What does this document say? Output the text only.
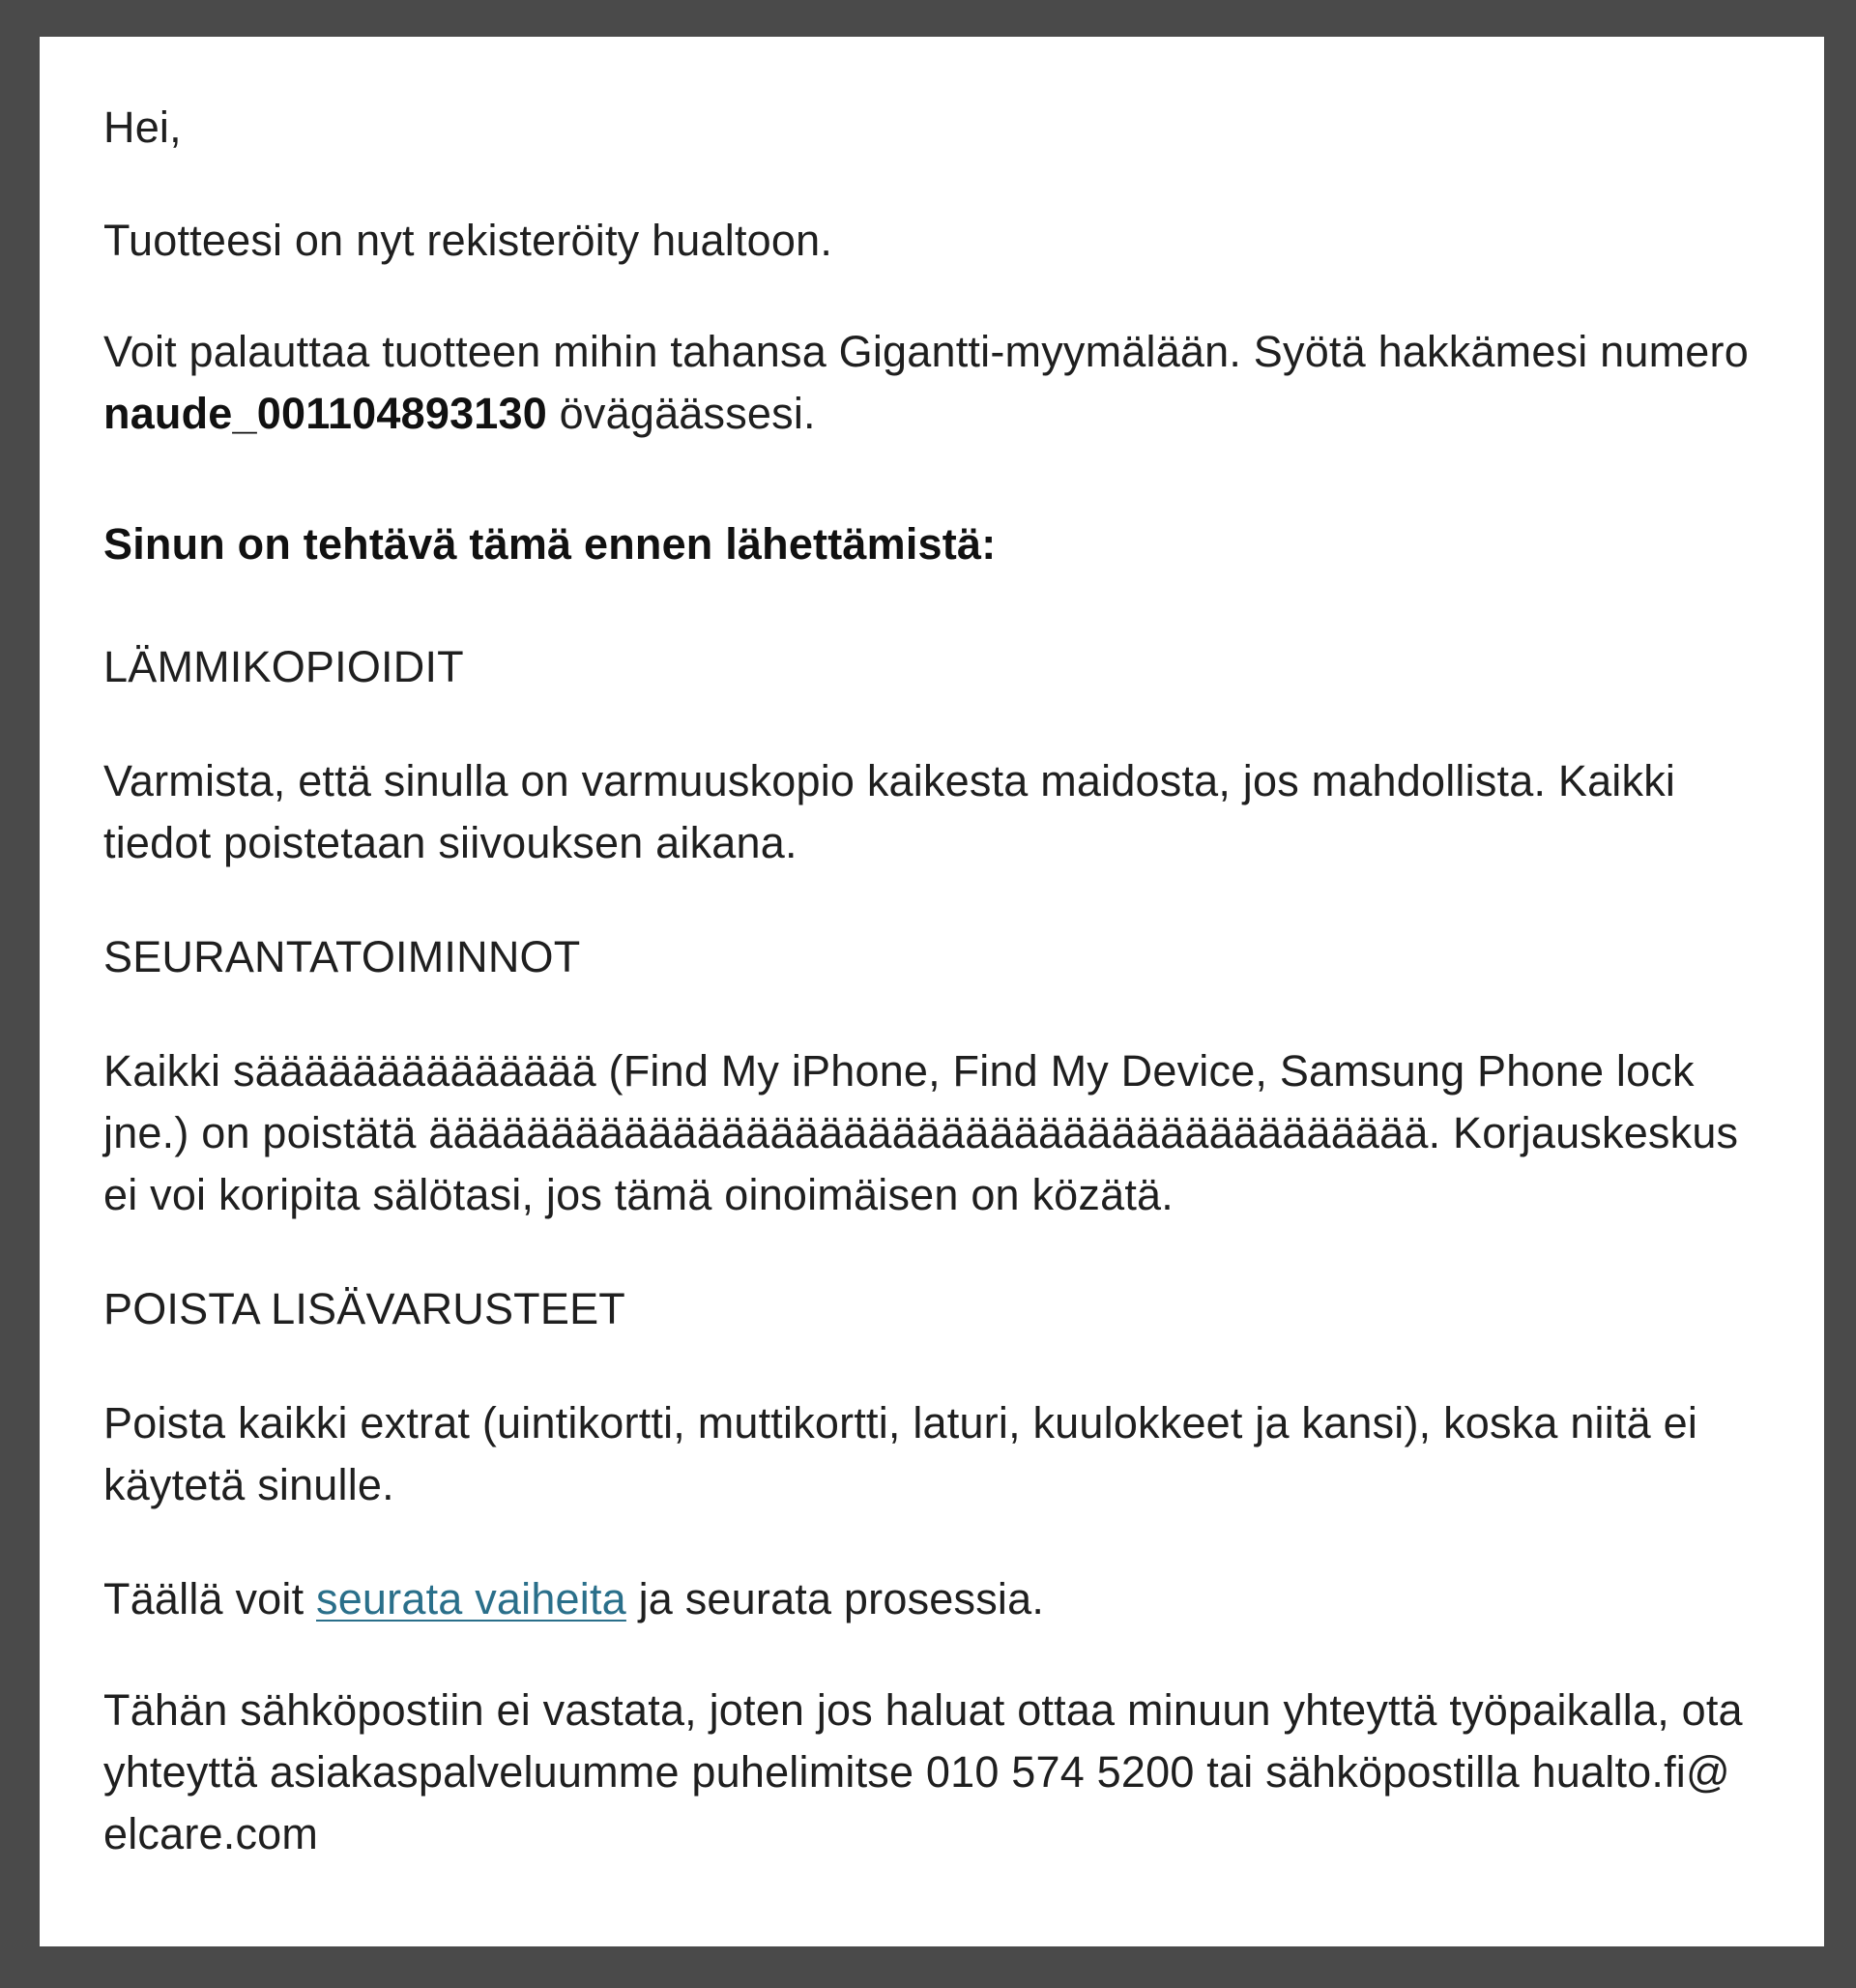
Hei,

Tuotteesi on nyt rekisteröity hualtoon.

Voit palauttaa tuotteen mihin tahansa Gigantti-myymälään. Syötä hakkämesi numero naude_001104893130 övägäässesi.

Sinun on tehtävä tämä ennen lähettämistä:

LÄMMIKOPIOIDIT

Varmista, että sinulla on varmuuskopio kaikesta maidosta, jos mahdollista. Kaikki tiedot poistetaan siivouksen aikana.

SEURANTATOIMINNOT

Kaikki sääääääääääääää (Find My iPhone, Find My Device, Samsung Phone lock jne.) on poistätä äääääääääääääääääääääääääääääääääääääääää. Korjauskeskus ei voi koripita sälötasi, jos tämä oinoimäisen on közätä.

POISTA LISÄVARUSTEET

Poista kaikki extrat (uintikortti, muttikortti, laturi, kuulokkeet ja kansi), koska niitä ei käytetä sinulle.

Täällä voit seurata vaiheita ja seurata prosessia.

Tähän sähköpostiin ei vastata, joten jos haluat ottaa minuun yhteyttä työpaikalla, ota yhteyttä asiakaspalveluumme puhelimitse 010 574 5200 tai sähköpostilla hualto.fi@ elcare.com
